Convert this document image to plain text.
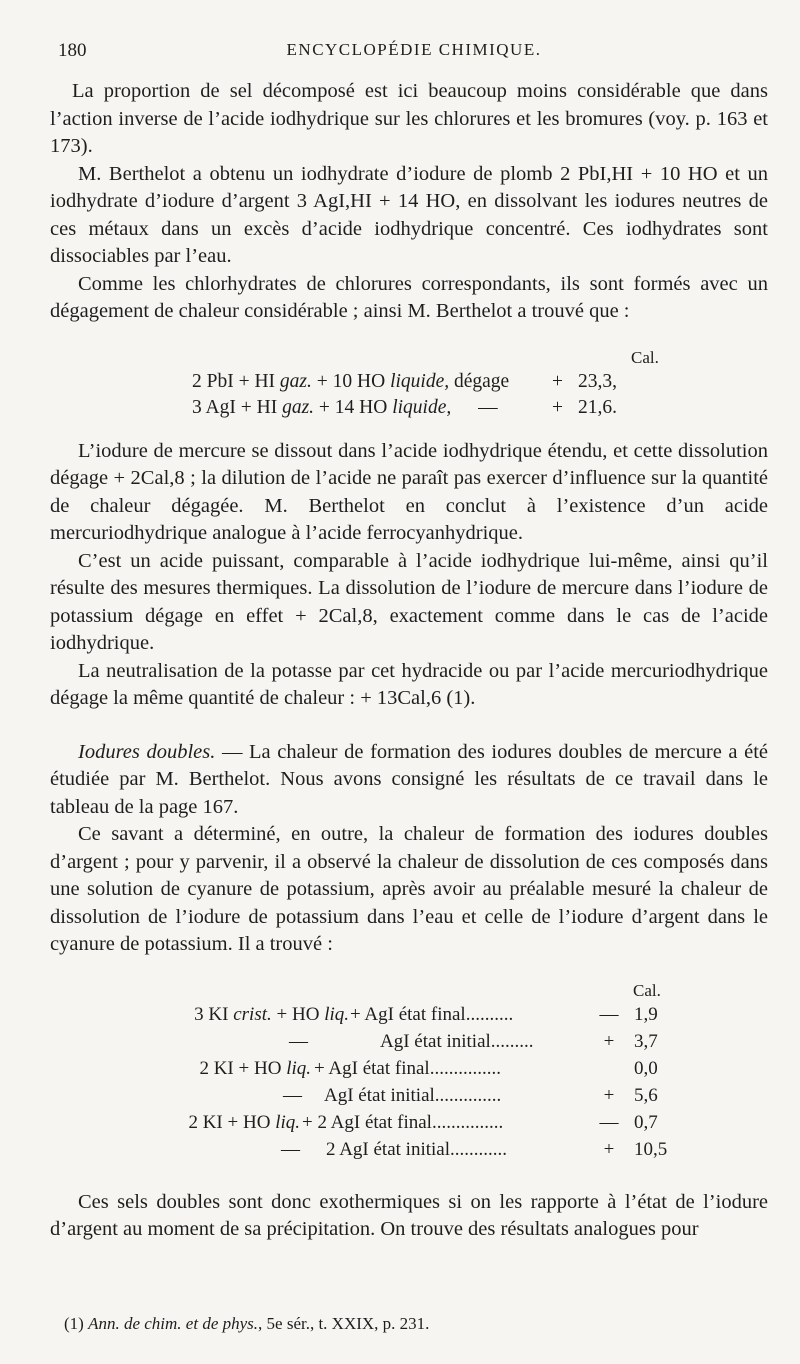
180	ENCYCLOPÉDIE CHIMIQUE.

La proportion de sel décomposé est ici beaucoup moins considérable que dans l’action inverse de l’acide iodhydrique sur les chlorures et les bromures (voy. p. 163 et 173).

M. Berthelot a obtenu un iodhydrate d’iodure de plomb 2 PbI,HI + 10 HO et un iodhydrate d’iodure d’argent 3 AgI,HI + 14 HO, en dissolvant les iodures neutres de ces métaux dans un excès d’acide iodhydrique concentré. Ces iodhydrates sont dissociables par l’eau.

Comme les chlorhydrates de chlorures correspondants, ils sont formés avec un dégagement de chaleur considérable ; ainsi M. Berthelot a trouvé que :

Cal.
2 PbI + HI gaz. + 10 HO liquide, dégage + 23,3,
3 AgI + HI gaz. + 14 HO liquide, —	+ 21,6.

L’iodure de mercure se dissout dans l’acide iodhydrique étendu, et cette dissolution dégage + 2Cal,8 ; la dilution de l’acide ne paraît pas exercer d’influence sur la quantité de chaleur dégagée. M. Berthelot en conclut à l’existence d’un acide mercuriodhydrique analogue à l’acide ferrocyanhydrique.

C’est un acide puissant, comparable à l’acide iodhydrique lui-même, ainsi qu’il résulte des mesures thermiques. La dissolution de l’iodure de mercure dans l’iodure de potassium dégage en effet + 2Cal,8, exactement comme dans le cas de l’acide iodhydrique.

La neutralisation de la potasse par cet hydracide ou par l’acide mercuriodhydrique dégage la même quantité de chaleur : + 13Cal,6 (1).

Iodures doubles. — La chaleur de formation des iodures doubles de mercure a été étudiée par M. Berthelot. Nous avons consigné les résultats de ce travail dans le tableau de la page 167.

Ce savant a déterminé, en outre, la chaleur de formation des iodures doubles d’argent ; pour y parvenir, il a observé la chaleur de dissolution de ces composés dans une solution de cyanure de potassium, après avoir au préalable mesuré la chaleur de dissolution de l’iodure de potassium dans l’eau et celle de l’iodure d’argent dans le cyanure de potassium. Il a trouvé :

Cal.
3 KI crist. + HO liq. + AgI état final..........	— 1,9
—	AgI état initial.........	+ 3,7
2 KI + HO liq. + AgI état final...............	0,0
— AgI état initial..............	+ 5,6
2 KI + HO liq. + 2 AgI état final...............	— 0,7
— 2 AgI état initial............	+ 10,5

Ces sels doubles sont donc exothermiques si on les rapporte à l’état de l’iodure d’argent au moment de sa précipitation. On trouve des résultats analogues pour

(1) Ann. de chim. et de phys., 5e sér., t. XXIX, p. 231.
